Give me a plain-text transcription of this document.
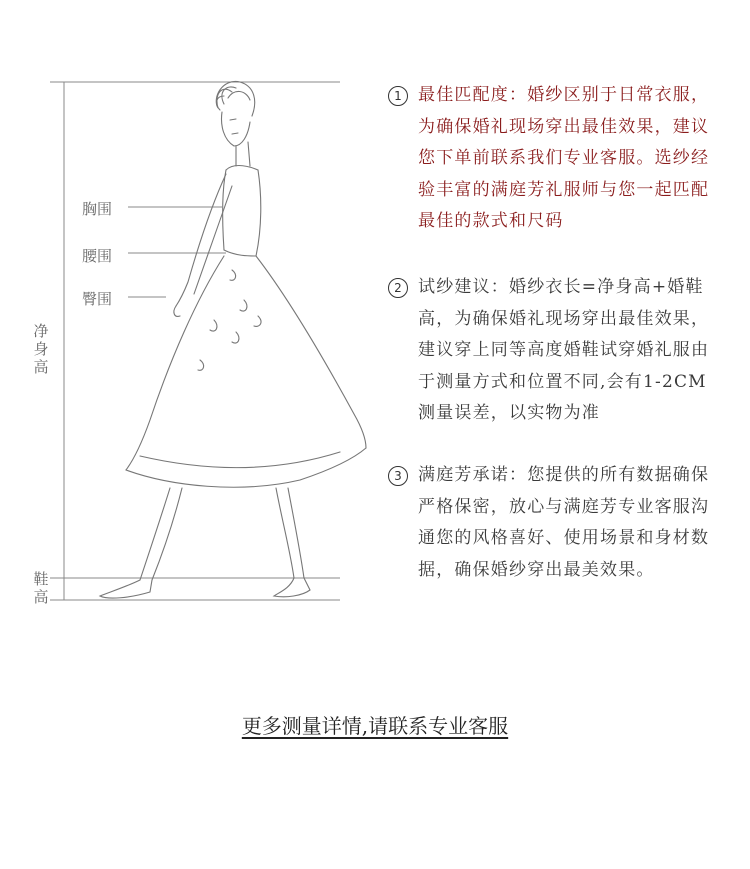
胸围
腰围
臀围
净身高
鞋高
1 最佳匹配度：婚纱区别于日常衣服，为确保婚礼现场穿出最佳效果，建议您下单前联系我们专业客服。选纱经验丰富的满庭芳礼服师与您一起匹配最佳的款式和尺码
2 试纱建议：婚纱衣长=净身高+婚鞋高，为确保婚礼现场穿出最佳效果，建议穿上同等高度婚鞋试穿婚礼服由于测量方式和位置不同,会有1-2CM测量误差，以实物为准
3 满庭芳承诺：您提供的所有数据确保严格保密，放心与满庭芳专业客服沟通您的风格喜好、使用场景和身材数据，确保婚纱穿出最美效果。
更多测量详情,请联系专业客服
